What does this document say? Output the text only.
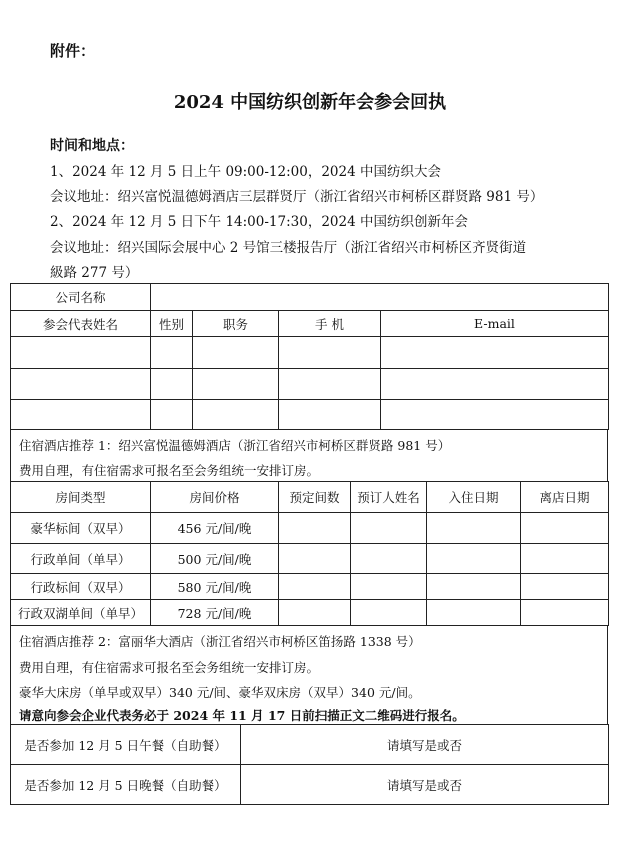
附件：
2024 中国纺织创新年会参会回执
时间和地点：
1、2024 年 12 月 5 日上午 09:00-12:00，2024 中国纺织大会
会议地址：绍兴富悦温德姆酒店三层群贤厅（浙江省绍兴市柯桥区群贤路 981 号）
2、2024 年 12 月 5 日下午 14:00-17:30，2024 中国纺织创新年会
会议地址：绍兴国际会展中心 2 号馆三楼报告厅（浙江省绍兴市柯桥区齐贤街道
級路 277 号）
公司名称				
参会代表姓名	性别	职务	手 机	E-mail

住宿酒店推荐 1：绍兴富悦温德姆酒店（浙江省绍兴市柯桥区群贤路 981 号）
费用自理，有住宿需求可报名至会务组统一安排订房。
房间类型	房间价格	预定间数	预订人姓名	入住日期	离店日期
豪华标间（双早）	456 元/间/晚				
行政单间（单早）	500 元/间/晚				
行政标间（双早）	580 元/间/晚				
行政双湖单间（单早）	728 元/间/晚				
住宿酒店推荐 2：富丽华大酒店（浙江省绍兴市柯桥区笛扬路 1338 号）
费用自理，有住宿需求可报名至会务组统一安排订房。
豪华大床房（单早或双早）340 元/间、豪华双床房（双早）340 元/间。
请意向参会企业代表务必于 2024 年 11 月 17 日前扫描正文二维码进行报名。
是否参加 12 月 5 日午餐（自助餐）	请填写是或否
是否参加 12 月 5 日晚餐（自助餐）	请填写是或否
